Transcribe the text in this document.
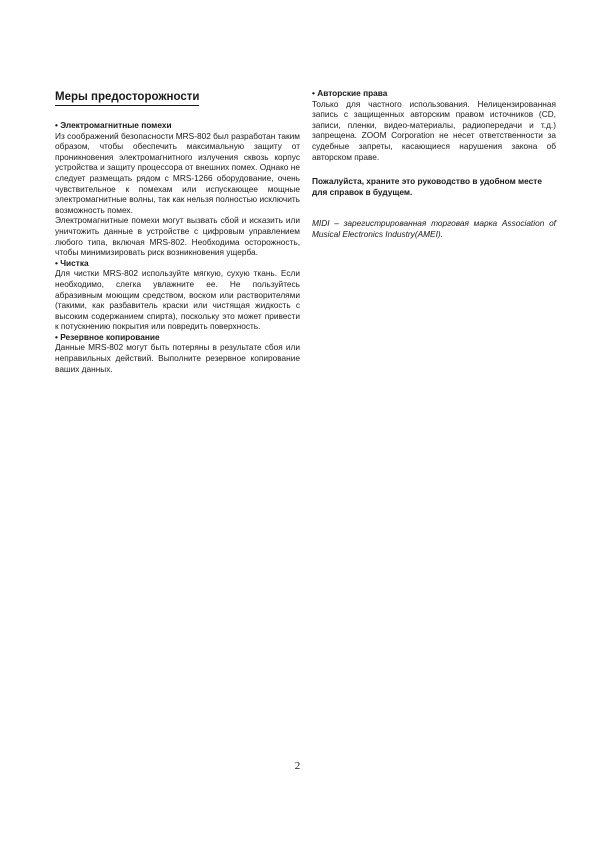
Меры предосторожности

• Электромагнитные помехи

Из соображений безопасности MRS-802 был разработан таким образом, чтобы обеспечить максимальную защиту от проникновения электромагнитного излучения сквозь корпус устройства и защиту процессора от внешних помех. Однако не следует размещать рядом с MRS-1266 оборудование, очень чувствительное к помехам или испускающее мощные электромагнитные волны, так как нельзя полностью исключить возможность помех.

Электромагнитные помехи могут вызвать сбой и исказить или уничтожить данные в устройстве с цифровым управлением любого типа, включая MRS-802. Необходима осторожность, чтобы минимизировать риск возникновения ущерба.

• Чистка

Для чистки MRS-802 используйте мягкую, сухую ткань. Если необходимо, слегка увлажните ее. Не пользуйтесь абразивным моющим средством, воском или растворителями (такими, как разбавитель краски или чистящая жидкость с высоким содержанием спирта), поскольку это может привести к потускнению покрытия или повредить поверхность.

• Резервное копирование

Данные MRS-802 могут быть потеряны в результате сбоя или неправильных действий. Выполните резервное копирование ваших данных.

• Авторские права

Только для частного использования. Нелицензированная запись с защищенных авторским правом источников (CD, записи, пленки, видео-материалы, радиопередачи и т.д.) запрещена. ZOOM Corporation не несет ответственности за судебные запреты, касающиеся нарушения закона об авторском праве.

Пожалуйста, храните это руководство в удобном месте для справок в будущем.

MIDI – зарегистрированная торговая марка Association of Musical Electronics Industry(AMEI).

2
